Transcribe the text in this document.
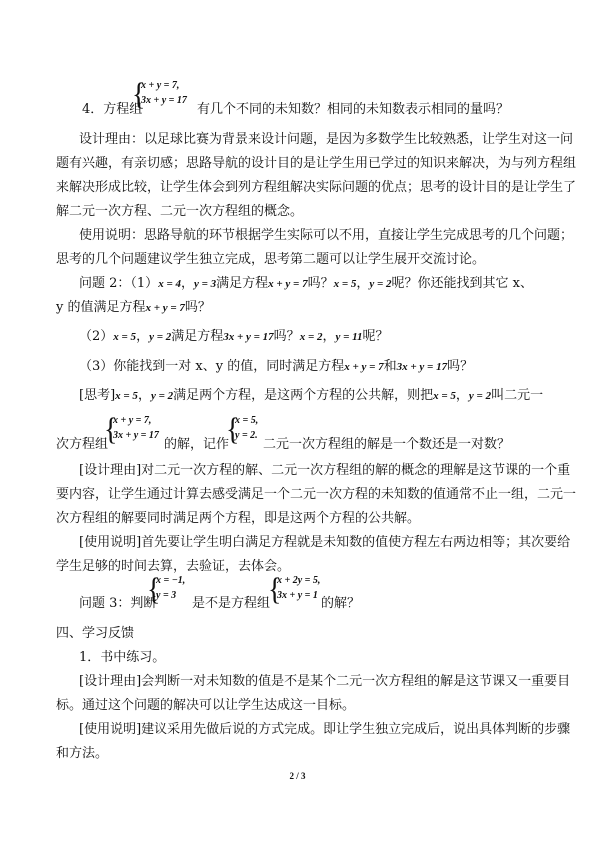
{
x + y = 7,
3x + y = 17
4．方程组	有几个不同的未知数？相同的未知数表示相同的量吗？
设计理由：以足球比赛为背景来设计问题，是因为多数学生比较熟悉，让学生对这一问
题有兴趣，有亲切感；思路导航的设计目的是让学生用已学过的知识来解决，为与列方程组
来解决形成比较，让学生体会到列方程组解决实际问题的优点；思考的设计目的是让学生了
解二元一次方程、二元一次方程组的概念。
使用说明：思路导航的环节根据学生实际可以不用，直接让学生完成思考的几个问题；
思考的几个问题建议学生独立完成，思考第二题可以让学生展开交流讨论。
问题 2：（1）x = 4，y = 3满足方程x + y = 7吗？x = 5，y = 2呢？你还能找到其它 x、
y 的值满足方程x + y = 7吗？
（2）x = 5，y = 2满足方程3x + y = 17吗？x = 2，y = 11呢？
（3）你能找到一对 x、y 的值，同时满足方程x + y = 7和3x + y = 17吗？
[思考]x = 5，y = 2满足两个方程，是这两个方程的公共解，则把x = 5，y = 2叫二元一
{
x + y = 7,
3x + y = 17 {
x = 5,
y = 2.
次方程组	的解，记作	二元一次方程组的解是一个数还是一对数？
[设计理由]对二元一次方程的解、二元一次方程组的解的概念的理解是这节课的一个重
要内容，让学生通过计算去感受满足一个二元一次方程的未知数的值通常不止一组，二元一
次方程组的解要同时满足两个方程，即是这两个方程的公共解。
[使用说明]首先要让学生明白满足方程就是未知数的值使方程左右两边相等；其次要给
学生足够的时间去算，去验证，去体会。
{
x = −1,
y = 3	{
x + 2y = 5,
3x + y = 1
问题 3：判断	是不是方程组	的解？
四、学习反馈
1．书中练习。
[设计理由]会判断一对未知数的值是不是某个二元一次方程组的解是这节课又一重要目
标。通过这个问题的解决可以让学生达成这一目标。
[使用说明]建议采用先做后说的方式完成。即让学生独立完成后，说出具体判断的步骤
和方法。
2 / 3
